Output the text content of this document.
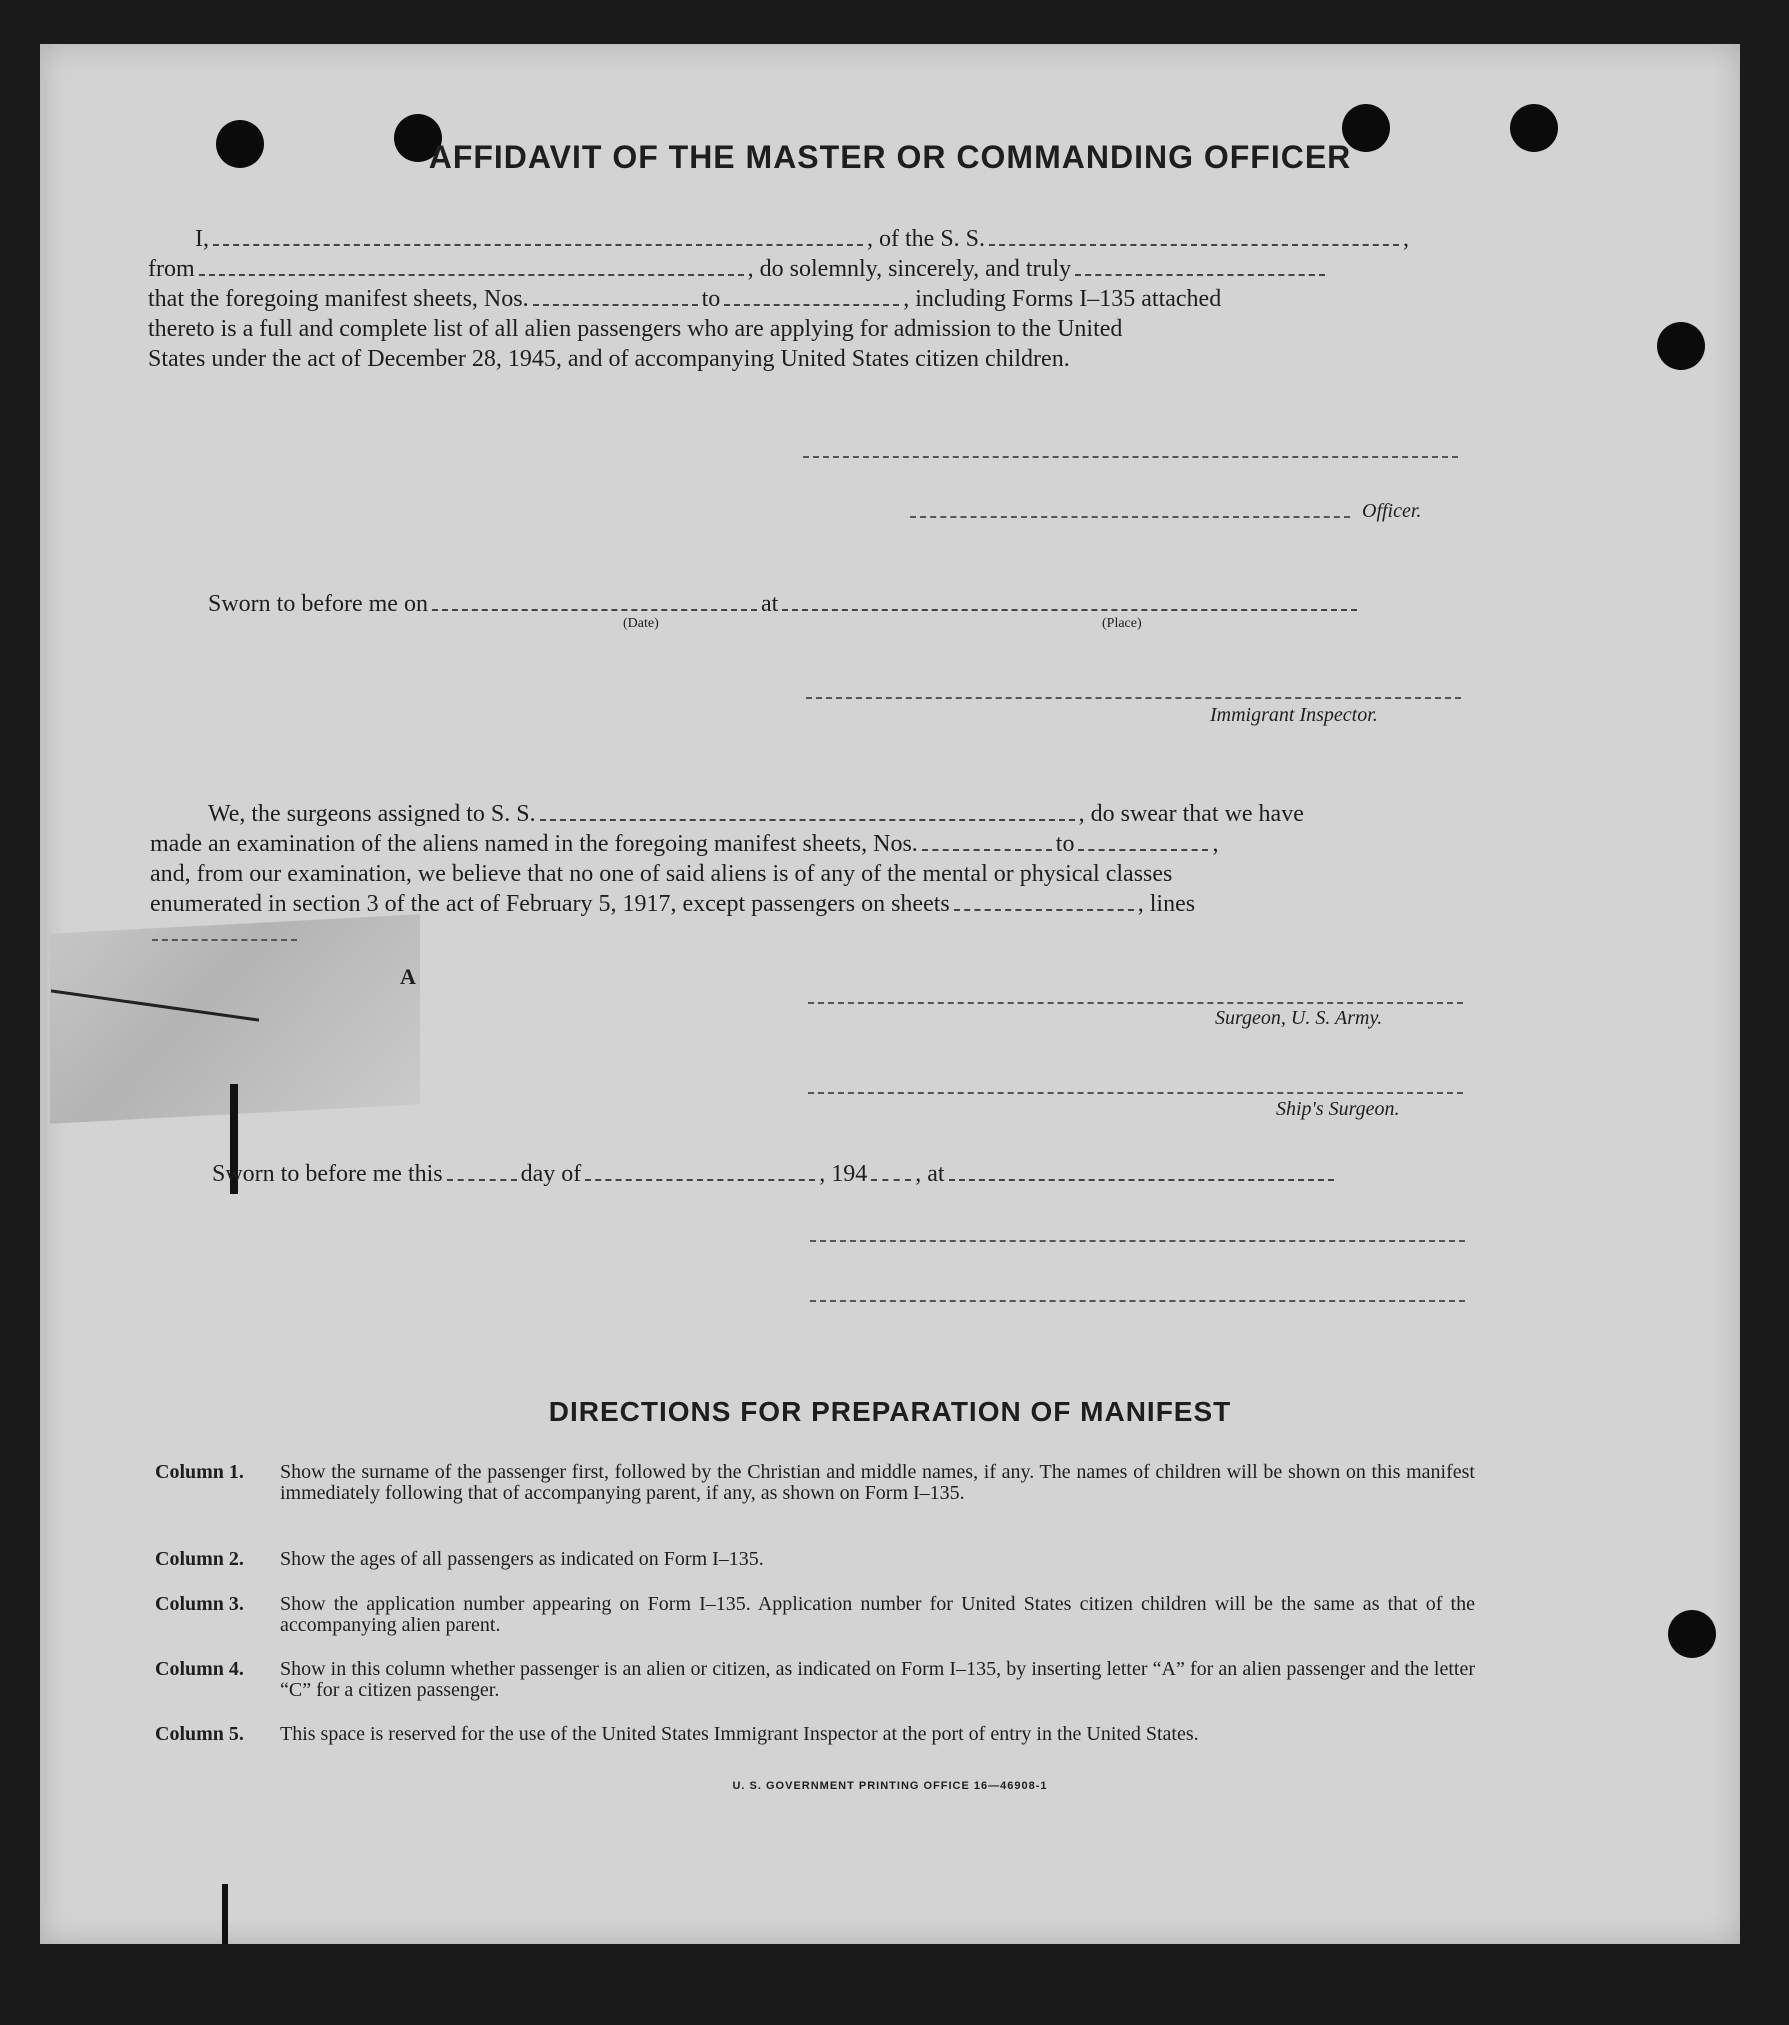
A
AFFIDAVIT OF THE MASTER OR COMMANDING OFFICER
I,	, of the S. S.	,
from	, do solemnly, sincerely, and truly
that the foregoing manifest sheets, Nos.	to	, including Forms I–135 attached
thereto is a full and complete list of all alien passengers who are applying for admission to the United
States under the act of December 28, 1945, and of accompanying United States citizen children.
Officer.
Sworn to before me on	at
(Date)	(Place)
Immigrant Inspector.
We, the surgeons assigned to S. S.	, do swear that we have
made an examination of the aliens named in the foregoing manifest sheets, Nos.	to	,
and, from our examination, we believe that no one of said aliens is of any of the mental or physical classes
enumerated in section 3 of the act of February 5, 1917, except passengers on sheets	, lines
Surgeon, U. S. Army.
Ship's Surgeon.
Sworn to before me this	day of	, 194 , at
DIRECTIONS FOR PREPARATION OF MANIFEST
Column 1. Show the surname of the passenger first, followed by the Christian and middle names, if any. The names of children will be shown on this manifest immediately following that of accompanying parent, if any, as shown on Form I–135.
Column 2. Show the ages of all passengers as indicated on Form I–135.
Column 3. Show the application number appearing on Form I–135. Application number for United States citizen children will be the same as that of the accompanying alien parent.
Column 4. Show in this column whether passenger is an alien or citizen, as indicated on Form I–135, by inserting letter “A” for an alien passenger and the letter “C” for a citizen passenger.
Column 5. This space is reserved for the use of the United States Immigrant Inspector at the port of entry in the United States.
U. S. GOVERNMENT PRINTING OFFICE 16—46908-1
